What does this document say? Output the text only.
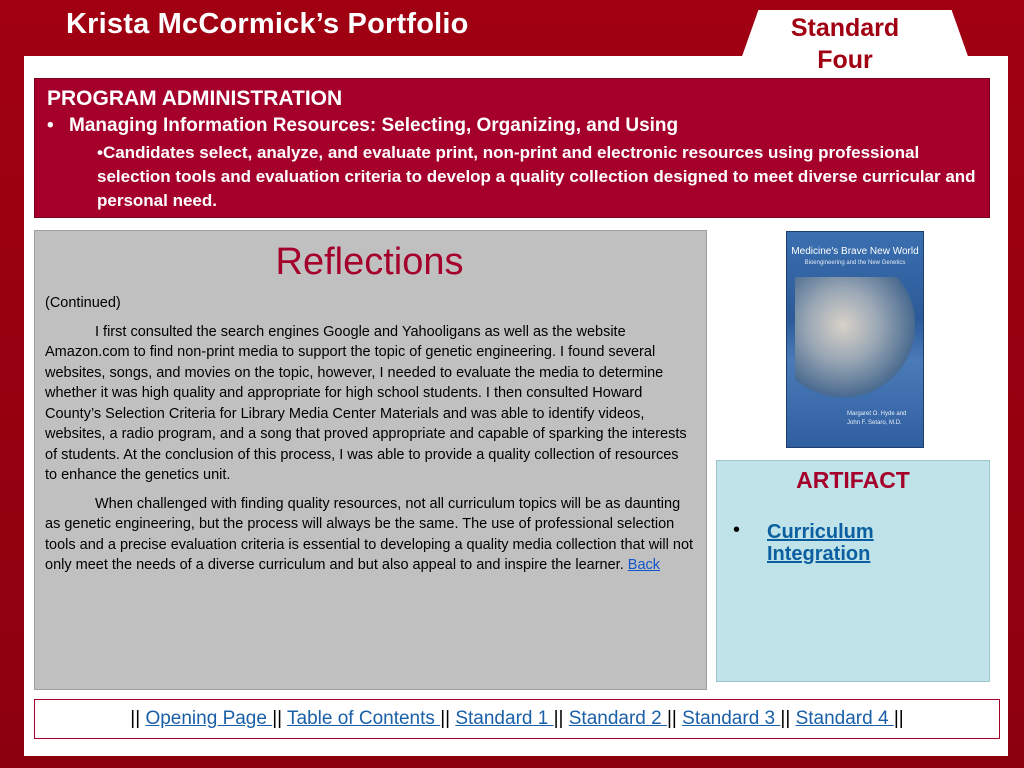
Krista McCormick’s Portfolio	Standard Four
PROGRAM ADMINISTRATION
• Managing Information Resources: Selecting, Organizing, and Using
•Candidates select, analyze, and evaluate print, non-print and electronic resources using professional selection tools and evaluation criteria to develop a quality collection designed to meet diverse curricular and personal need.
Reflections

(Continued)

I first consulted the search engines Google and Yahooligans as well as the website Amazon.com to find non-print media to support the topic of genetic engineering. I found several websites, songs, and movies on the topic, however, I needed to evaluate the media to determine whether it was high quality and appropriate for high school students. I then consulted Howard County’s Selection Criteria for Library Media Center Materials and was able to identify videos, websites, a radio program, and a song that proved appropriate and capable of sparking the interests of students. At the conclusion of this process, I was able to provide a quality collection of resources to enhance the genetics unit.

When challenged with finding quality resources, not all curriculum topics will be as daunting as genetic engineering, but the process will always be the same. The use of professional selection tools and a precise evaluation criteria is essential to developing a quality media collection that will not only meet the needs of a diverse curriculum and but also appeal to and inspire the learner. Back

Medicine's Brave New World
Bioengineering and the New Genetics
Margaret O. Hyde and John F. Setaro, M.D.
ARTIFACT
• Curriculum Integration
|| Opening Page || Table of Contents || Standard 1 || Standard 2 || Standard 3 || Standard 4 ||
